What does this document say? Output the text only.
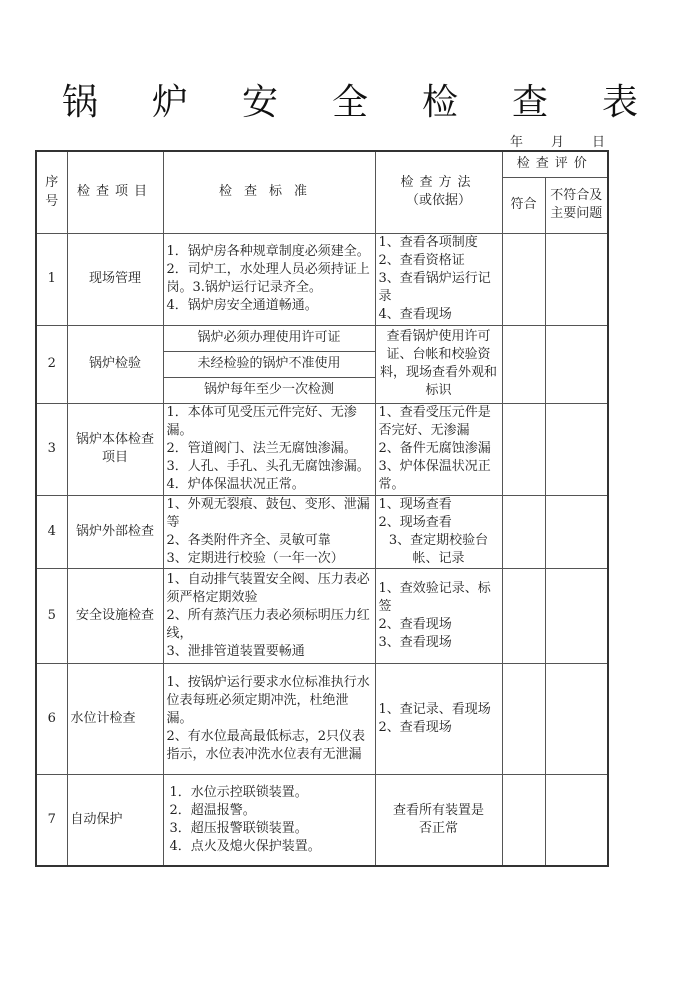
锅	炉	安	全	检	查	表
年 月 日
序号	检查项目	检查标准	检查方法
（或依据）	检查评价	
				符合	不符合及主要问题
1	现场管理	1．锅炉房各种规章制度必须建全。2．司炉工，水处理人员必须持证上岗。3.锅炉运行记录齐全。
4．锅炉房安全通道畅通。	1、查看各项制度
2、查看资格证
3、查看锅炉运行记录
4、查看现场		

2	锅炉检验	锅炉必须办理使用许可证	查看锅炉使用许可证、台帐和校验资料，现场查看外观和标识		
		未经检验的锅炉不准使用			
		锅炉每年至少一次检测			
3	锅炉本体检查项目	1．本体可见受压元件完好、无渗漏。
2．管道阀门、法兰无腐蚀渗漏。
3．人孔、手孔、头孔无腐蚀渗漏。
4．炉体保温状况正常。	1、查看受压元件是否完好、无渗漏
2、备件无腐蚀渗漏
3、炉体保温状况正常。		

4	锅炉外部检查	1、外观无裂痕、鼓包、变形、泄漏等
2、各类附件齐全、灵敏可靠
3、定期进行校验（一年一次）	1、现场查看
2、现场查看
3、查定期校验台帐、记录		

5	安全设施检查	1、自动排气装置安全阀、压力表必须严格定期效验
2、所有蒸汽压力表必须标明压力红线，
3、泄排管道装置要畅通	1、查效验记录、标签
2、查看现场
3、查看现场		

6	水位计检查	1、按锅炉运行要求水位标准执行水位表每班必须定期冲洗，杜绝泄漏。
2、有水位最高最低标志，2只仪表指示，水位表冲洗水位表有无泄漏	1、查记录、看现场
2、查看现场		

7	自动保护	1．水位示控联锁装置。
2．超温报警。
3．超压报警联锁装置。
4．点火及熄火保护装置。	查看所有装置是否正常		
